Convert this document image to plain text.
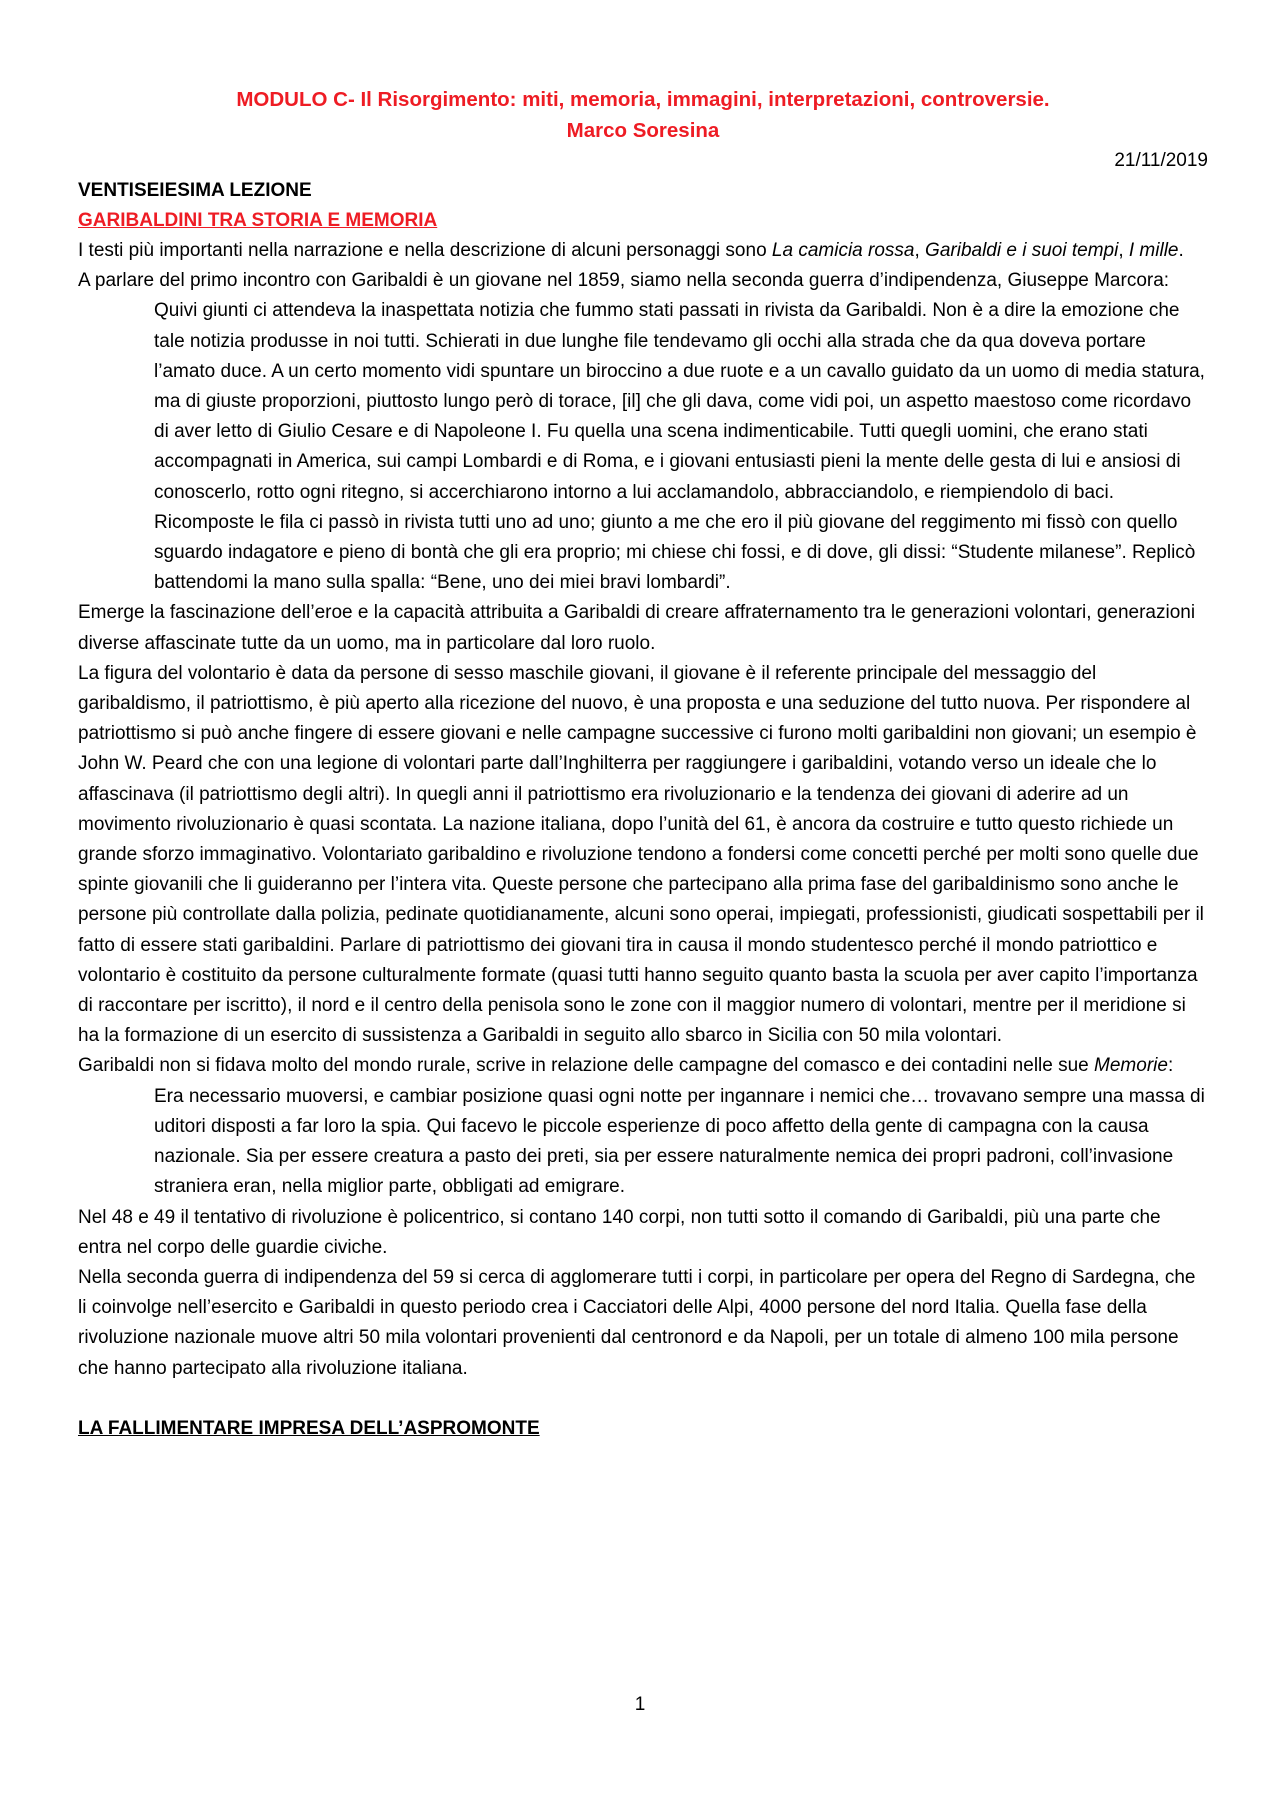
MODULO C- Il Risorgimento: miti, memoria, immagini, interpretazioni, controversie.
Marco Soresina

21/11/2019

VENTISEIESIMA LEZIONE

GARIBALDINI TRA STORIA E MEMORIA

I testi più importanti nella narrazione e nella descrizione di alcuni personaggi sono La camicia rossa, Garibaldi e i suoi tempi, I mille.

A parlare del primo incontro con Garibaldi è un giovane nel 1859, siamo nella seconda guerra d’indipendenza, Giuseppe Marcora:

Quivi giunti ci attendeva la inaspettata notizia che fummo stati passati in rivista da Garibaldi. Non è a dire la emozione che tale notizia produsse in noi tutti. Schierati in due lunghe file tendevamo gli occhi alla strada che da qua doveva portare l’amato duce. A un certo momento vidi spuntare un biroccino a due ruote e a un cavallo guidato da un uomo di media statura, ma di giuste proporzioni, piuttosto lungo però di torace, [il] che gli dava, come vidi poi, un aspetto maestoso come ricordavo di aver letto di Giulio Cesare e di Napoleone I. Fu quella una scena indimenticabile. Tutti quegli uomini, che erano stati accompagnati in America, sui campi Lombardi e di Roma, e i giovani entusiasti pieni la mente delle gesta di lui e ansiosi di conoscerlo, rotto ogni ritegno, si accerchiarono intorno a lui acclamandolo, abbracciandolo, e riempiendolo di baci. Ricomposte le fila ci passò in rivista tutti uno ad uno; giunto a me che ero il più giovane del reggimento mi fissò con quello sguardo indagatore e pieno di bontà che gli era proprio; mi chiese chi fossi, e di dove, gli dissi: “Studente milanese”. Replicò battendomi la mano sulla spalla: “Bene, uno dei miei bravi lombardi”.

Emerge la fascinazione dell’eroe e la capacità attribuita a Garibaldi di creare affraternamento tra le generazioni volontari, generazioni diverse affascinate tutte da un uomo, ma in particolare dal loro ruolo.

La figura del volontario è data da persone di sesso maschile giovani, il giovane è il referente principale del messaggio del garibaldismo, il patriottismo, è più aperto alla ricezione del nuovo, è una proposta e una seduzione del tutto nuova. Per rispondere al patriottismo si può anche fingere di essere giovani e nelle campagne successive ci furono molti garibaldini non giovani; un esempio è John W. Peard che con una legione di volontari parte dall’Inghilterra per raggiungere i garibaldini, votando verso un ideale che lo affascinava (il patriottismo degli altri). In quegli anni il patriottismo era rivoluzionario e la tendenza dei giovani di aderire ad un movimento rivoluzionario è quasi scontata. La nazione italiana, dopo l’unità del 61, è ancora da costruire e tutto questo richiede un grande sforzo immaginativo. Volontariato garibaldino e rivoluzione tendono a fondersi come concetti perché per molti sono quelle due spinte giovanili che li guideranno per l’intera vita. Queste persone che partecipano alla prima fase del garibaldinismo sono anche le persone più controllate dalla polizia, pedinate quotidianamente, alcuni sono operai, impiegati, professionisti, giudicati sospettabili per il fatto di essere stati garibaldini. Parlare di patriottismo dei giovani tira in causa il mondo studentesco perché il mondo patriottico e volontario è costituito da persone culturalmente formate (quasi tutti hanno seguito quanto basta la scuola per aver capito l’importanza di raccontare per iscritto), il nord e il centro della penisola sono le zone con il maggior numero di volontari, mentre per il meridione si ha la formazione di un esercito di sussistenza a Garibaldi in seguito allo sbarco in Sicilia con 50 mila volontari.

Garibaldi non si fidava molto del mondo rurale, scrive in relazione delle campagne del comasco e dei contadini nelle sue Memorie:

Era necessario muoversi, e cambiar posizione quasi ogni notte per ingannare i nemici che… trovavano sempre una massa di uditori disposti a far loro la spia. Qui facevo le piccole esperienze di poco affetto della gente di campagna con la causa nazionale. Sia per essere creatura a pasto dei preti, sia per essere naturalmente nemica dei propri padroni, coll’invasione straniera eran, nella miglior parte, obbligati ad emigrare.

Nel 48 e 49 il tentativo di rivoluzione è policentrico, si contano 140 corpi, non tutti sotto il comando di Garibaldi, più una parte che entra nel corpo delle guardie civiche.

Nella seconda guerra di indipendenza del 59 si cerca di agglomerare tutti i corpi, in particolare per opera del Regno di Sardegna, che li coinvolge nell’esercito e Garibaldi in questo periodo crea i Cacciatori delle Alpi, 4000 persone del nord Italia. Quella fase della rivoluzione nazionale muove altri 50 mila volontari provenienti dal centronord e da Napoli, per un totale di almeno 100 mila persone che hanno partecipato alla rivoluzione italiana.

LA FALLIMENTARE IMPRESA DELL’ASPROMONTE
1
